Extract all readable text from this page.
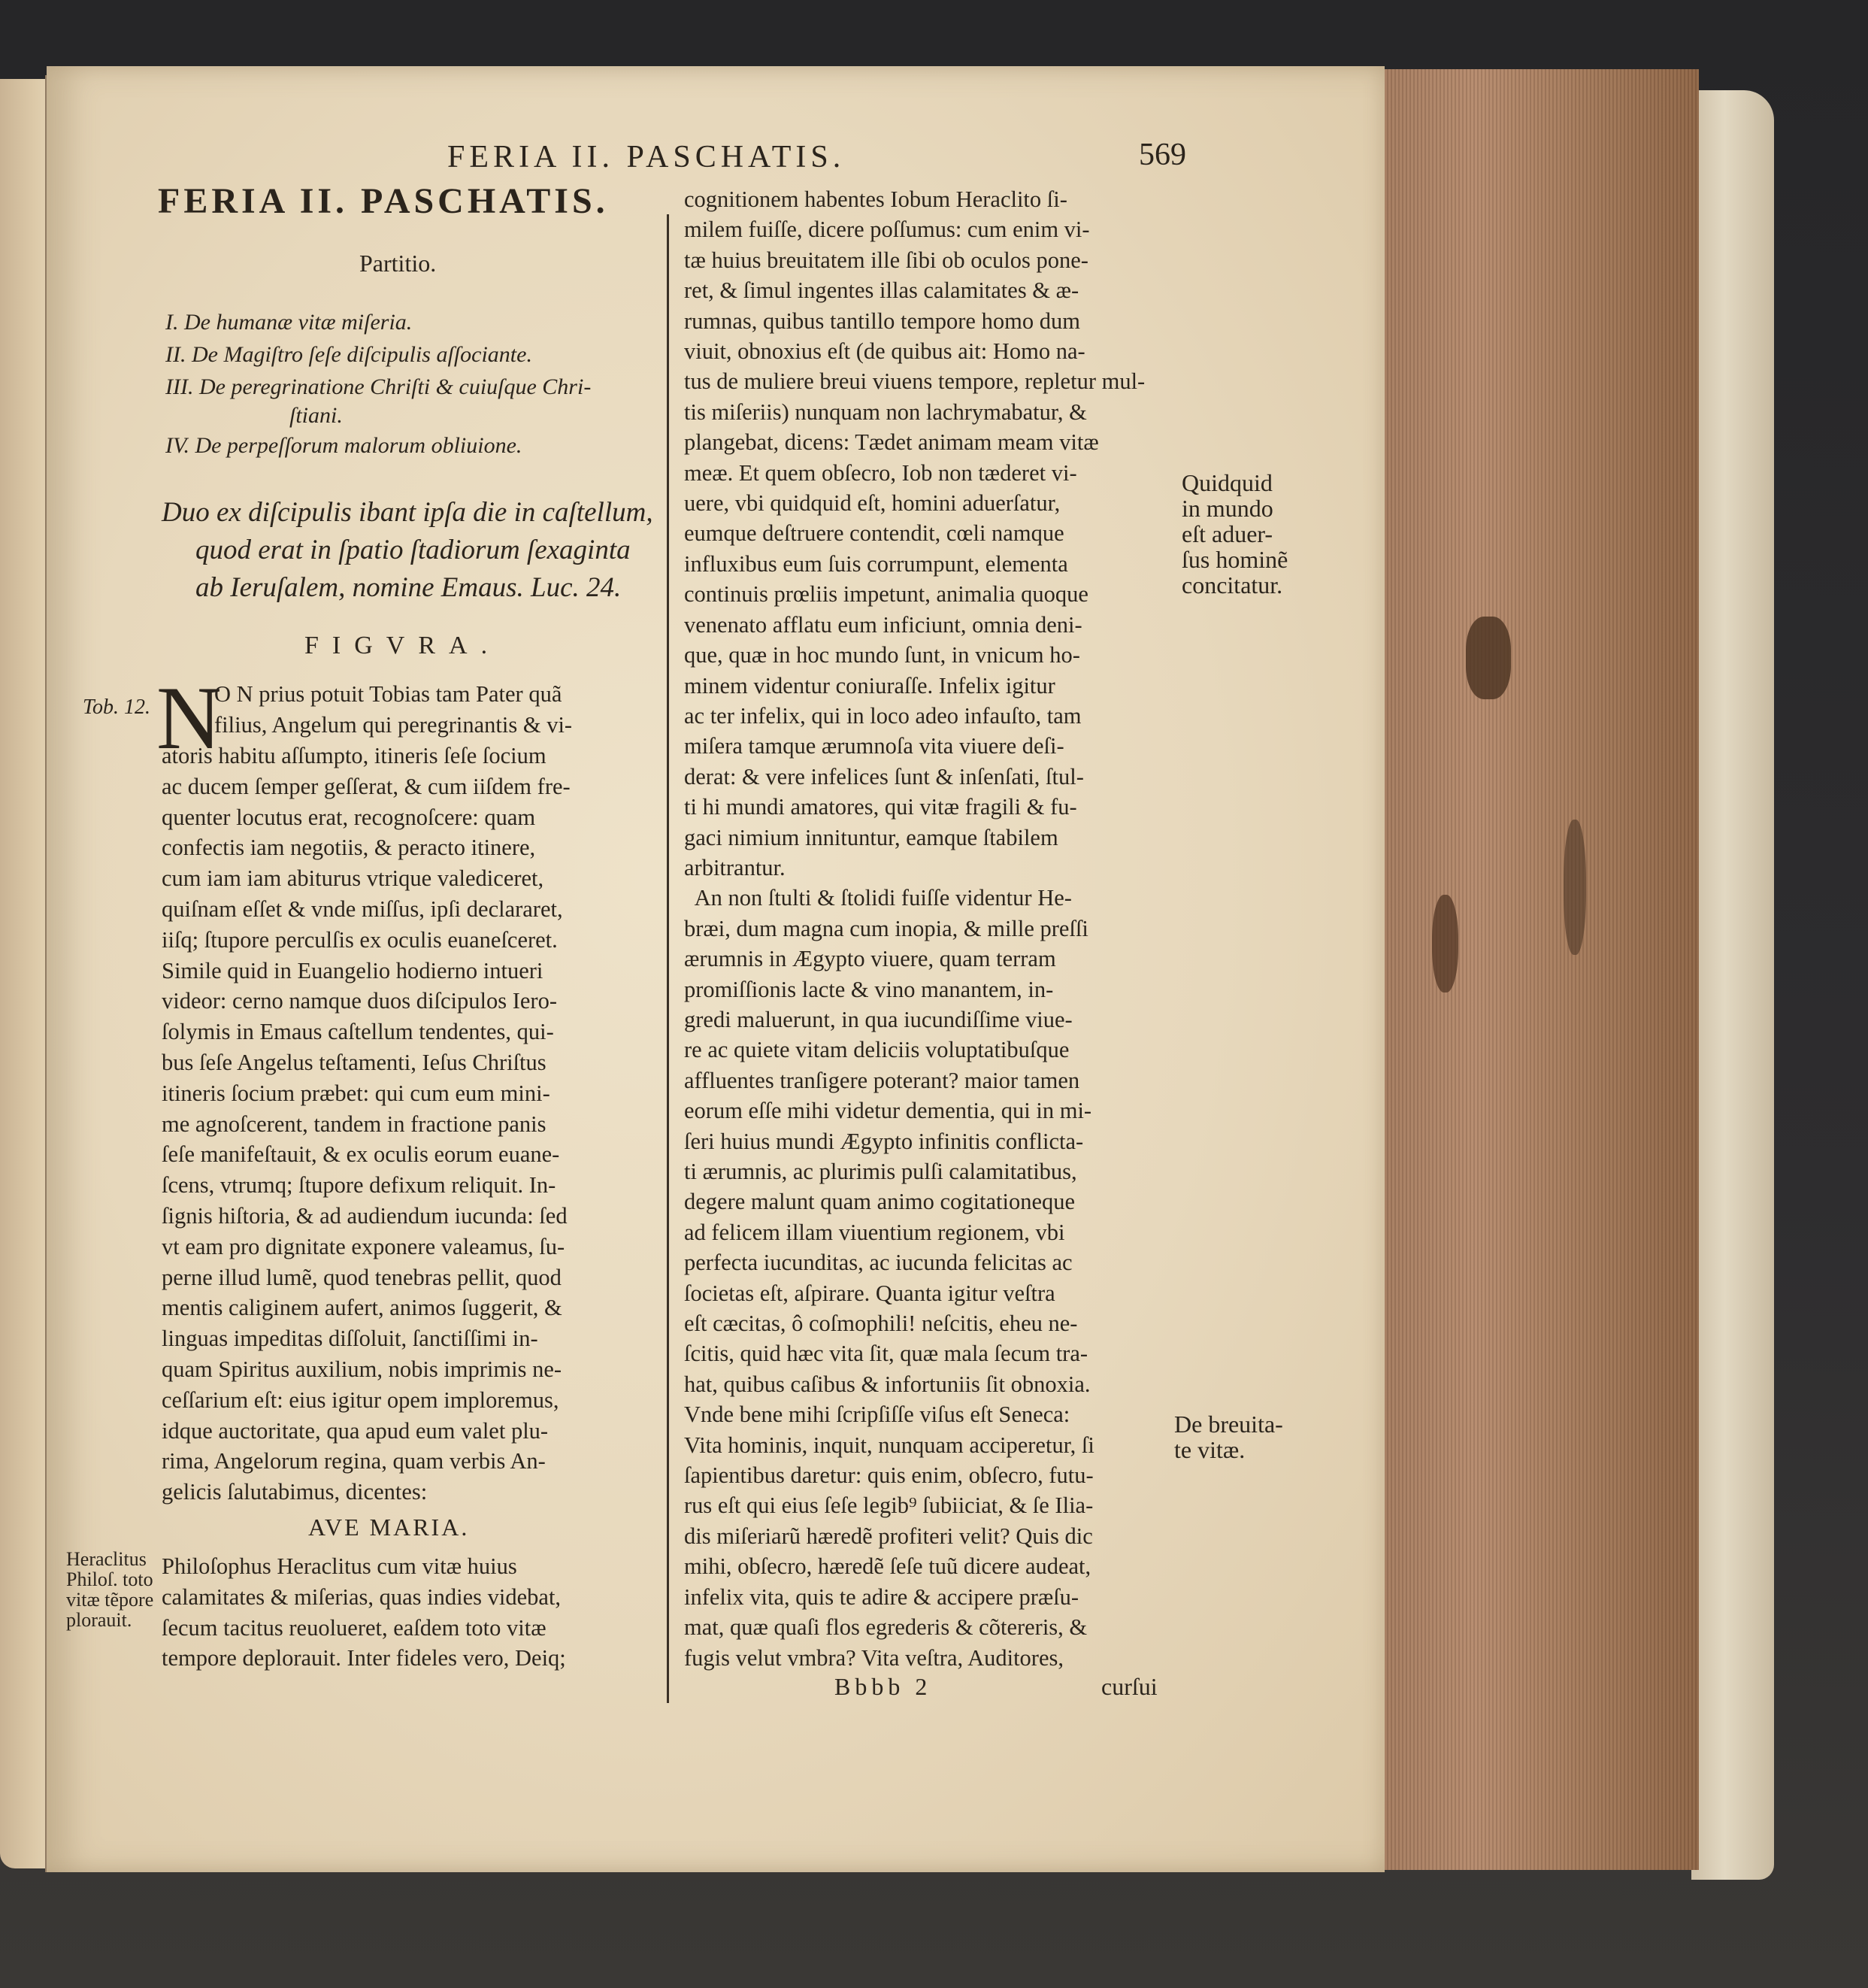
FERIA II. PASCHATIS.	569
FERIA II. PASCHATIS.
Partitio.
I. De humanæ vitæ miſeria.
II. De Magiſtro ſeſe diſcipulis aſſociante.
III. De peregrinatione Chriſti & cuiuſque Chri-
ſtiani.
IV. De perpeſſorum malorum obliuione.
Duo ex diſcipulis ibant ipſa die in caſtellum,
quod erat in ſpatio ſtadiorum ſexaginta
ab Ieruſalem, nomine Emaus. Luc. 24.
FIGVRA.
N
O N prius potuit Tobias tam Pater quã
filius, Angelum qui peregrinantis & vi-
atoris habitu aſſumpto, itineris ſeſe ſocium
ac ducem ſemper geſſerat, & cum iiſdem fre-
quenter locutus erat, recognoſcere: quam
confectis iam negotiis, & peracto itinere,
cum iam iam abiturus vtrique valediceret,
quiſnam eſſet & vnde miſſus, ipſi declararet,
iiſq; ſtupore perculſis ex oculis euaneſceret.
Simile quid in Euangelio hodierno intueri
videor: cerno namque duos diſcipulos Iero-
ſolymis in Emaus caſtellum tendentes, qui-
bus ſeſe Angelus teſtamenti, Ieſus Chriſtus
itineris ſocium præbet: qui cum eum mini-
me agnoſcerent, tandem in fractione panis
ſeſe manifeſtauit, & ex oculis eorum euane-
ſcens, vtrumq; ſtupore defixum reliquit. In-
ſignis hiſtoria, & ad audiendum iucunda: ſed
vt eam pro dignitate exponere valeamus, ſu-
perne illud lumẽ, quod tenebras pellit, quod
mentis caliginem aufert, animos ſuggerit, &
linguas impeditas diſſoluit, ſanctiſſimi in-
quam Spiritus auxilium, nobis imprimis ne-
ceſſarium eſt: eius igitur opem imploremus,
idque auctoritate, qua apud eum valet plu-
rima, Angelorum regina, quam verbis An-
gelicis ſalutabimus, dicentes:
AVE MARIA.
Philoſophus Heraclitus cum vitæ huius
calamitates & miſerias, quas indies videbat,
ſecum tacitus reuolueret, eaſdem toto vitæ
tempore deplorauit. Inter fideles vero, Deiq;
Tob. 12.
Heraclitus
Philoſ. toto
vitæ tẽpore
plorauit.
cognitionem habentes Iobum Heraclito ſi-
milem fuiſſe, dicere poſſumus: cum enim vi-
tæ huius breuitatem ille ſibi ob oculos pone-
ret, & ſimul ingentes illas calamitates & æ-
rumnas, quibus tantillo tempore homo dum
viuit, obnoxius eſt (de quibus ait: Homo na-
tus de muliere breui viuens tempore, repletur mul-
tis miſeriis) nunquam non lachrymabatur, &
plangebat, dicens: Tædet animam meam vitæ
meæ. Et quem obſecro, Iob non tæderet vi-
uere, vbi quidquid eſt, homini aduerſatur,
eumque deſtruere contendit, cœli namque
influxibus eum ſuis corrumpunt, elementa
continuis prœliis impetunt, animalia quoque
venenato afflatu eum inficiunt, omnia deni-
que, quæ in hoc mundo ſunt, in vnicum ho-
minem videntur coniuraſſe. Infelix igitur
ac ter infelix, qui in loco adeo infauſto, tam
miſera tamque ærumnoſa vita viuere deſi-
derat: & vere infelices ſunt & inſenſati, ſtul-
ti hi mundi amatores, qui vitæ fragili & fu-
gaci nimium innituntur, eamque ſtabilem
arbitrantur.
An non ſtulti & ſtolidi fuiſſe videntur He-
bræi, dum magna cum inopia, & mille preſſi
ærumnis in Ægypto viuere, quam terram
promiſſionis lacte & vino manantem, in-
gredi maluerunt, in qua iucundiſſime viue-
re ac quiete vitam deliciis voluptatibuſque
affluentes tranſigere poterant? maior tamen
eorum eſſe mihi videtur dementia, qui in mi-
ſeri huius mundi Ægypto infinitis conflicta-
ti ærumnis, ac plurimis pulſi calamitatibus,
degere malunt quam animo cogitationeque
ad felicem illam viuentium regionem, vbi
perfecta iucunditas, ac iucunda felicitas ac
ſocietas eſt, aſpirare. Quanta igitur veſtra
eſt cæcitas, ô coſmophili! neſcitis, eheu ne-
ſcitis, quid hæc vita ſit, quæ mala ſecum tra-
hat, quibus caſibus & infortuniis ſit obnoxia.
Vnde bene mihi ſcripſiſſe viſus eſt Seneca:
Vita hominis, inquit, nunquam acciperetur, ſi
ſapientibus daretur: quis enim, obſecro, futu-
rus eſt qui eius ſeſe legib⁹ ſubiiciat, & ſe Ilia-
dis miſeriarũ hæredẽ profiteri velit? Quis dic
mihi, obſecro, hæredẽ ſeſe tuũ dicere audeat,
infelix vita, quis te adire & accipere præſu-
mat, quæ quaſi flos egrederis & cõtereris, &
fugis velut vmbra? Vita veſtra, Auditores,
Bbbb 2	curſui
Quidquid
in mundo
eſt aduer-
ſus hominẽ
concitatur.
De breuita-
te vitæ.
